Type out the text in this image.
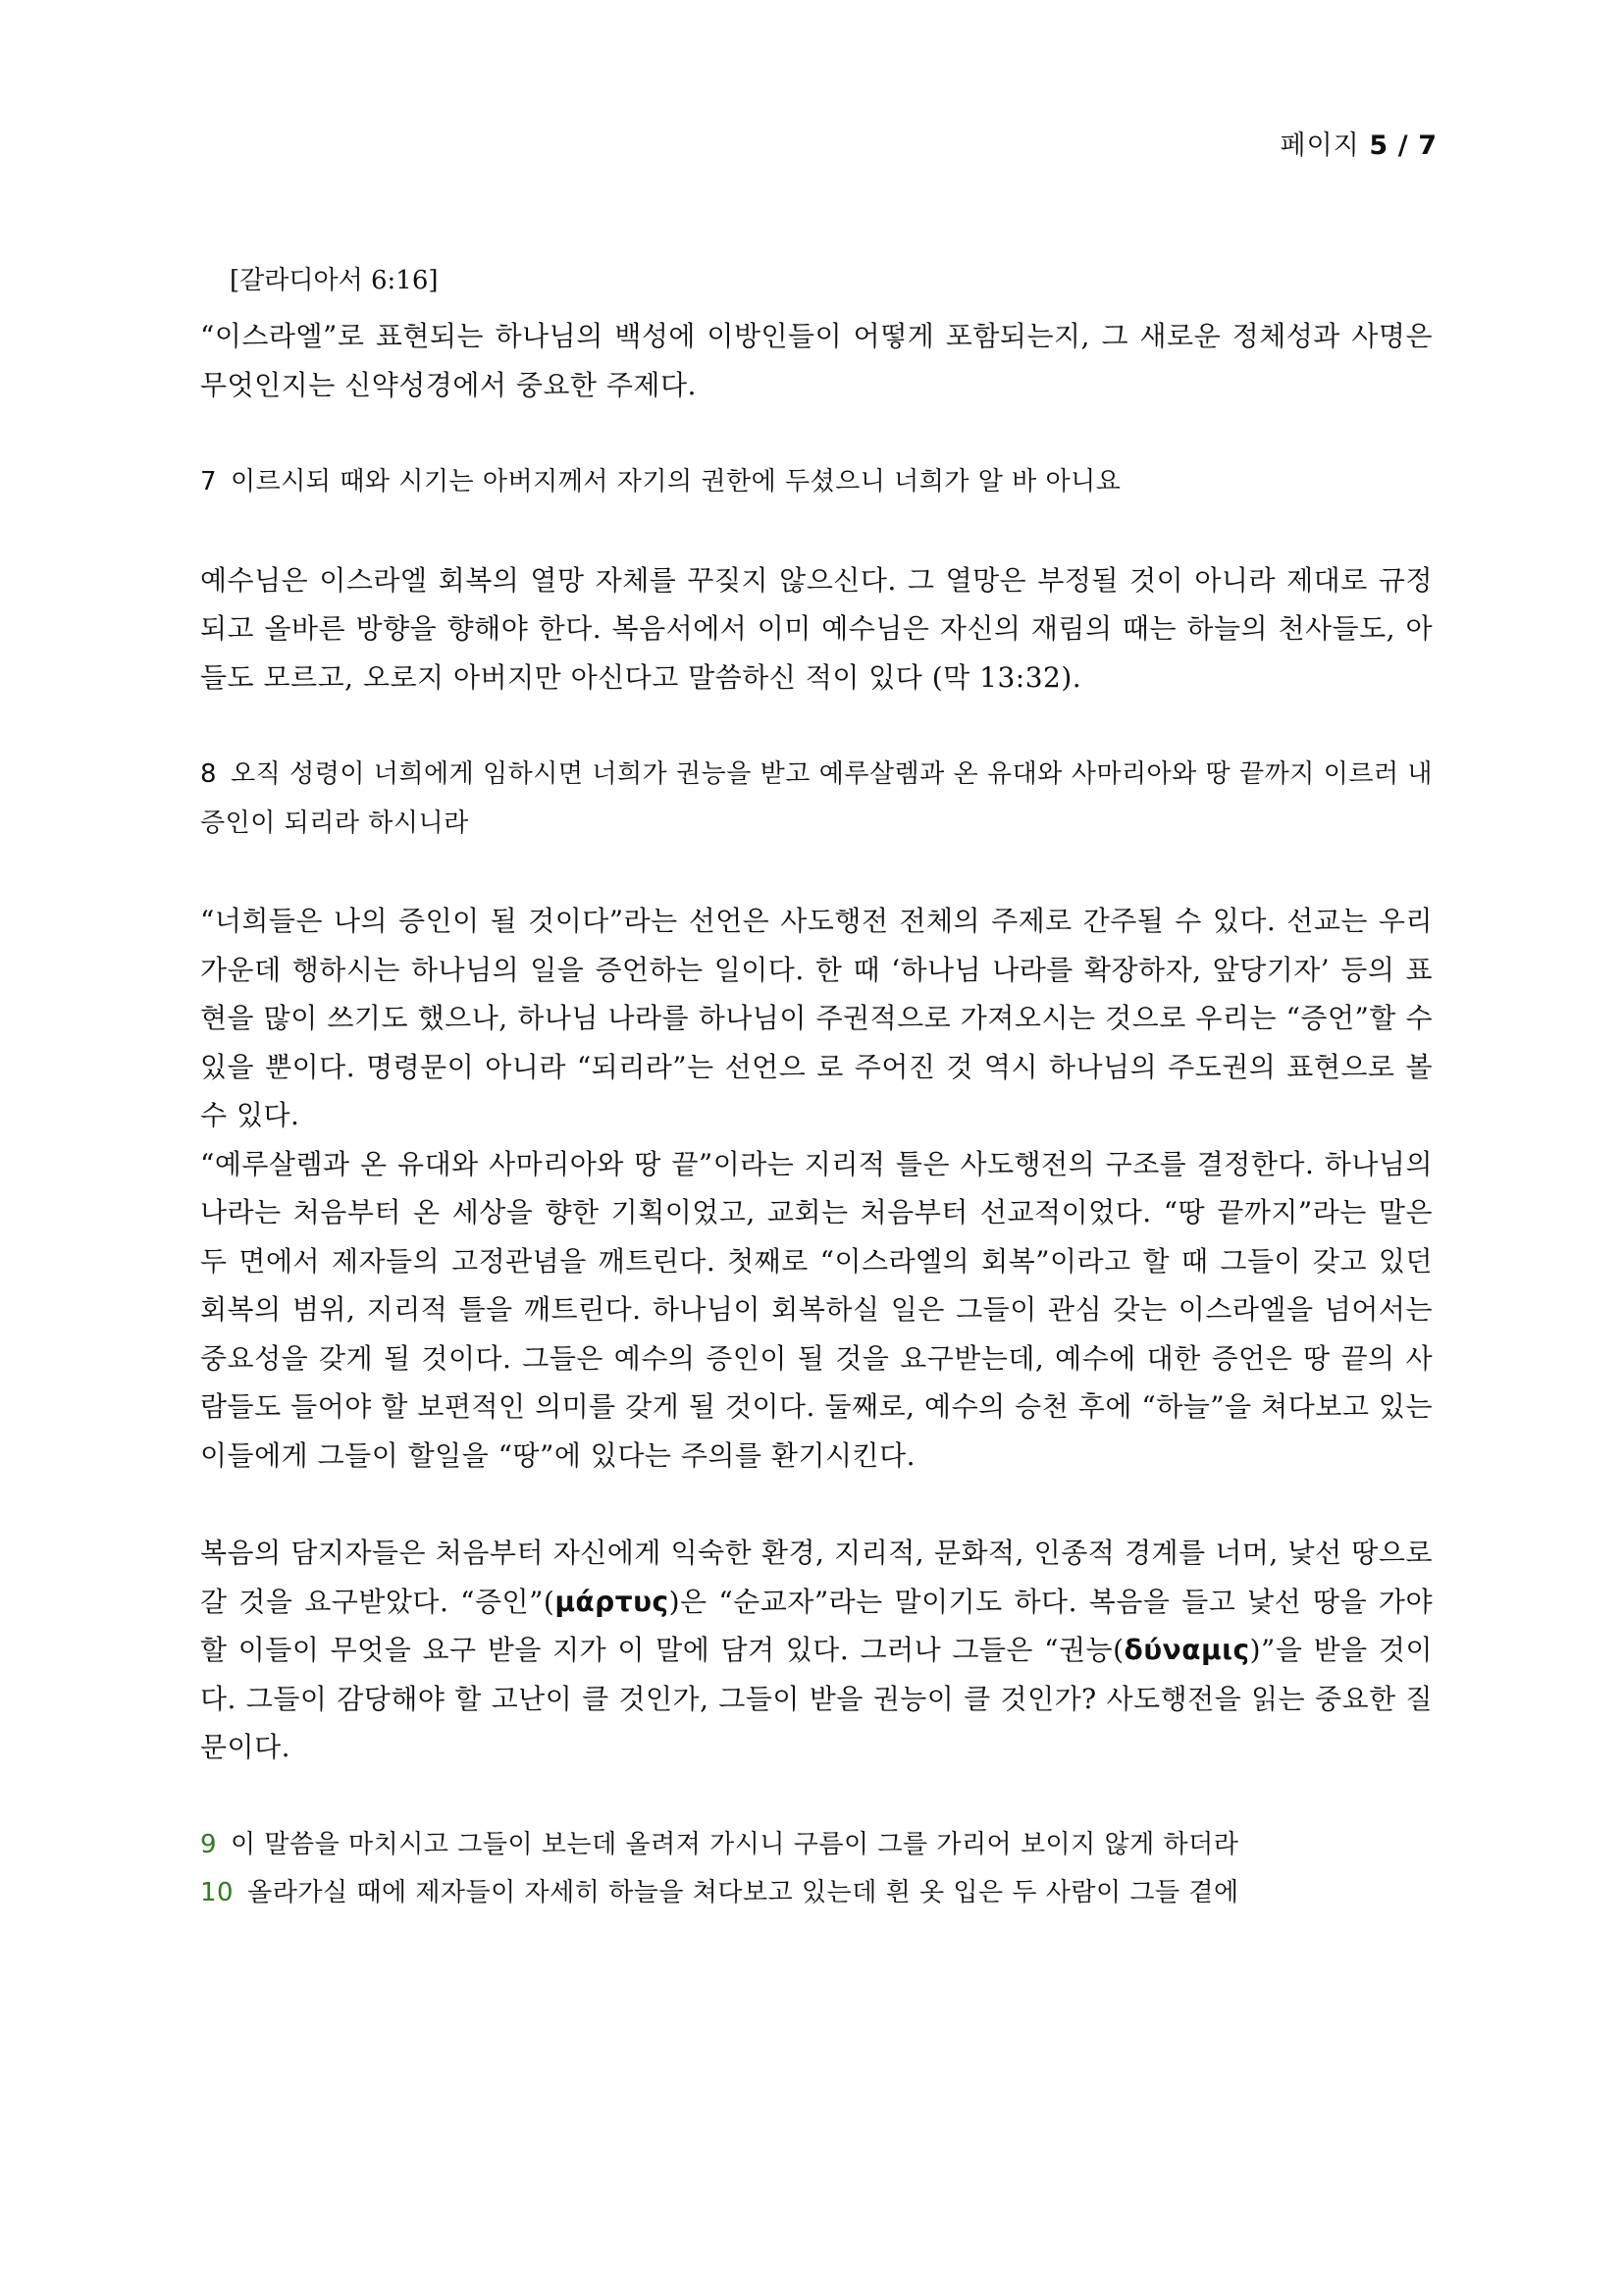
페이지 5 / 7
[갈라디아서 6:16]

“이스라엘”로 표현되는 하나님의 백성에 이방인들이 어떻게 포함되는지, 그 새로운 정체성과 사명은 무엇인지는 신약성경에서 중요한 주제다.

7 이르시되 때와 시기는 아버지께서 자기의 권한에 두셨으니 너희가 알 바 아니요

예수님은 이스라엘 회복의 열망 자체를 꾸짖지 않으신다. 그 열망은 부정될 것이 아니라 제대로 규정되고 올바른 방향을 향해야 한다. 복음서에서 이미 예수님은 자신의 재림의 때는 하늘의 천사들도, 아들도 모르고, 오로지 아버지만 아신다고 말씀하신 적이 있다 (막 13:32).

8 오직 성령이 너희에게 임하시면 너희가 권능을 받고 예루살렘과 온 유대와 사마리아와 땅 끝까지 이르러 내 증인이 되리라 하시니라

“너희들은 나의 증인이 될 것이다”라는 선언은 사도행전 전체의 주제로 간주될 수 있다. 선교는 우리 가운데 행하시는 하나님의 일을 증언하는 일이다. 한 때 ‘하나님 나라를 확장하자, 앞당기자’ 등의 표현을 많이 쓰기도 했으나, 하나님 나라를 하나님이 주권적으로 가져오시는 것으로 우리는 “증언”할 수 있을 뿐이다. 명령문이 아니라 “되리라”는 선언으 로 주어진 것 역시 하나님의 주도권의 표현으로 볼 수 있다.

“예루살렘과 온 유대와 사마리아와 땅 끝”이라는 지리적 틀은 사도행전의 구조를 결정한다. 하나님의 나라는 처음부터 온 세상을 향한 기획이었고, 교회는 처음부터 선교적이었다. “땅 끝까지”라는 말은 두 면에서 제자들의 고정관념을 깨트린다. 첫째로 “이스라엘의 회복”이라고 할 때 그들이 갖고 있던 회복의 범위, 지리적 틀을 깨트린다. 하나님이 회복하실 일은 그들이 관심 갖는 이스라엘을 넘어서는 중요성을 갖게 될 것이다. 그들은 예수의 증인이 될 것을 요구받는데, 예수에 대한 증언은 땅 끝의 사람들도 들어야 할 보편적인 의미를 갖게 될 것이다. 둘째로, 예수의 승천 후에 “하늘”을 쳐다보고 있는 이들에게 그들이 할일을 “땅”에 있다는 주의를 환기시킨다.

복음의 담지자들은 처음부터 자신에게 익숙한 환경, 지리적, 문화적, 인종적 경계를 너머, 낯선 땅으로 갈 것을 요구받았다. “증인”(μάρτυς)은 “순교자”라는 말이기도 하다. 복음을 들고 낯선 땅을 가야 할 이들이 무엇을 요구 받을 지가 이 말에 담겨 있다. 그러나 그들은 “권능(δύναμις)”을 받을 것이다. 그들이 감당해야 할 고난이 클 것인가, 그들이 받을 권능이 클 것인가? 사도행전을 읽는 중요한 질문이다.

9 이 말씀을 마치시고 그들이 보는데 올려져 가시니 구름이 그를 가리어 보이지 않게 하더라
10 올라가실 때에 제자들이 자세히 하늘을 쳐다보고 있는데 흰 옷 입은 두 사람이 그들 곁에
